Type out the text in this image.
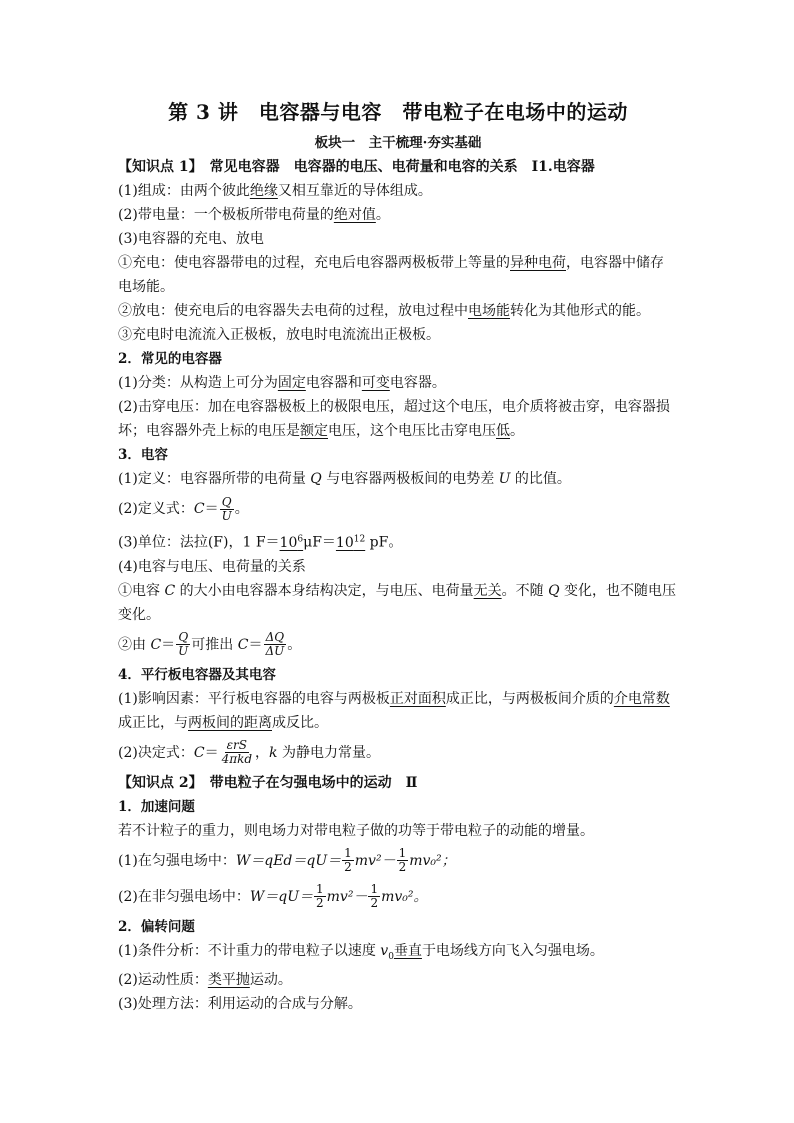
第 3 讲　电容器与电容　带电粒子在电场中的运动
板块一　主干梳理·夯实基础
【知识点 1】　常见电容器　电容器的电压、电荷量和电容的关系　Ⅰ1.电容器
(1)组成：由两个彼此绝缘又相互靠近的导体组成。
(2)带电量：一个极板所带电荷量的绝对值。
(3)电容器的充电、放电
①充电：使电容器带电的过程，充电后电容器两极板带上等量的异种电荷，电容器中储存
电场能。
②放电：使充电后的电容器失去电荷的过程，放电过程中电场能转化为其他形式的能。
③充电时电流流入正极板，放电时电流流出正极板。
2．常见的电容器
(1)分类：从构造上可分为固定电容器和可变电容器。
(2)击穿电压：加在电容器极板上的极限电压，超过这个电压，电介质将被击穿，电容器损
坏；电容器外壳上标的电压是额定电压，这个电压比击穿电压低。
3．电容
(1)定义：电容器所带的电荷量 Q 与电容器两极板间的电势差 U 的比值。
(2)定义式：$C= \frac{Q}{U}$ 。
(3)单位：法拉(F)，1 $F=10^6\mu F=10^{12}$ pF。
(4)电容与电压、电荷量的关系
①电容 C 的大小由电容器本身结构决定，与电压、电荷量无关。不随 Q 变化，也不随电压
变化。
②由 $C= \frac{Q}{U}$ 可推出 $C= \frac{\Delta Q}{\Delta U}$ 。
4．平行板电容器及其电容
(1)影响因素：平行板电容器的电容与两极板正对面积成正比，与两极板间介质的介电常数
成正比，与两板间的距离成反比。
(2)决定式：$C= \frac{\text{εrS}}{\text{4πkd}}$ ，k 为静电力常量。
【知识点 2】　带电粒子在匀强电场中的运动　Ⅱ
1．加速问题
若不计粒子的重力，则电场力对带电粒子做的功等于带电粒子的动能的增量。
(1)在匀强电场中：$W=qEd=qU= \frac{1}{2} mv^2- \frac{1}{2} mv_0^2$；
(2)在非匀强电场中：$W=qU= \frac{1}{2} mv^2- \frac{1}{2} mv_0^2$。
2．偏转问题
(1)条件分析：不计重力的带电粒子以速度 $v_0$垂直于电场线方向飞入匀强电场。
(2)运动性质：类平抛运动。
(3)处理方法：利用运动的合成与分解。
